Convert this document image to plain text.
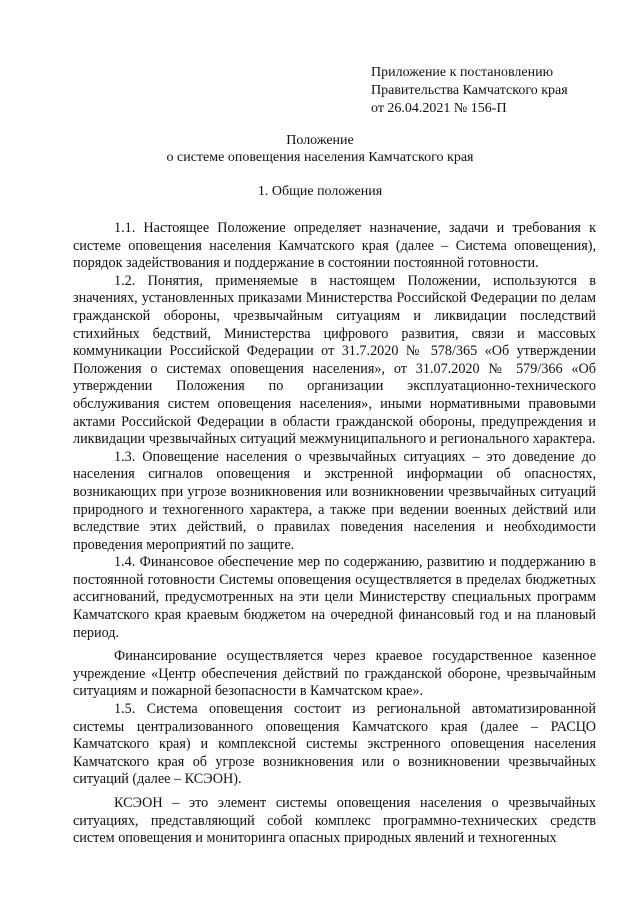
Приложение к постановлению
Правительства Камчатского края
от 26.04.2021 № 156-П
Положение
о системе оповещения населения Камчатского края
1. Общие положения

1.1. Настоящее Положение определяет назначение, задачи и требования к системе оповещения населения Камчатского края (далее – Система оповещения), порядок задействования и поддержание в состоянии постоянной готовности.

1.2. Понятия, применяемые в настоящем Положении, используются в значениях, установленных приказами Министерства Российской Федерации по делам гражданской обороны, чрезвычайным ситуациям и ликвидации последствий стихийных бедствий, Министерства цифрового развития, связи и массовых коммуникации Российской Федерации от 31.7.2020 № 578/365 «Об утверждении Положения о системах оповещения населения», от 31.07.2020 № 579/366 «Об утверждении Положения по организации эксплуатационно-технического обслуживания систем оповещения населения», иными нормативными правовыми актами Российской Федерации в области гражданской обороны, предупреждения и ликвидации чрезвычайных ситуаций межмуниципального и регионального характера.

1.3. Оповещение населения о чрезвычайных ситуациях – это доведение до населения сигналов оповещения и экстренной информации об опасностях, возникающих при угрозе возникновения или возникновении чрезвычайных ситуаций природного и техногенного характера, а также при ведении военных действий или вследствие этих действий, о правилах поведения населения и необходимости проведения мероприятий по защите.

1.4. Финансовое обеспечение мер по содержанию, развитию и поддержанию в постоянной готовности Системы оповещения осуществляется в пределах бюджетных ассигнований, предусмотренных на эти цели Министерству специальных программ Камчатского края краевым бюджетом на очередной финансовый год и на плановый период.

Финансирование осуществляется через краевое государственное казенное учреждение «Центр обеспечения действий по гражданской обороне, чрезвычайным ситуациям и пожарной безопасности в Камчатском крае».

1.5. Система оповещения состоит из региональной автоматизированной системы централизованного оповещения Камчатского края (далее – РАСЦО Камчатского края) и комплексной системы экстренного оповещения населения Камчатского края об угрозе возникновения или о возникновении чрезвычайных ситуаций (далее – КСЭОН).

КСЭОН – это элемент системы оповещения населения о чрезвычайных ситуациях, представляющий собой комплекс программно-технических средств систем оповещения и мониторинга опасных природных явлений и техногенных
